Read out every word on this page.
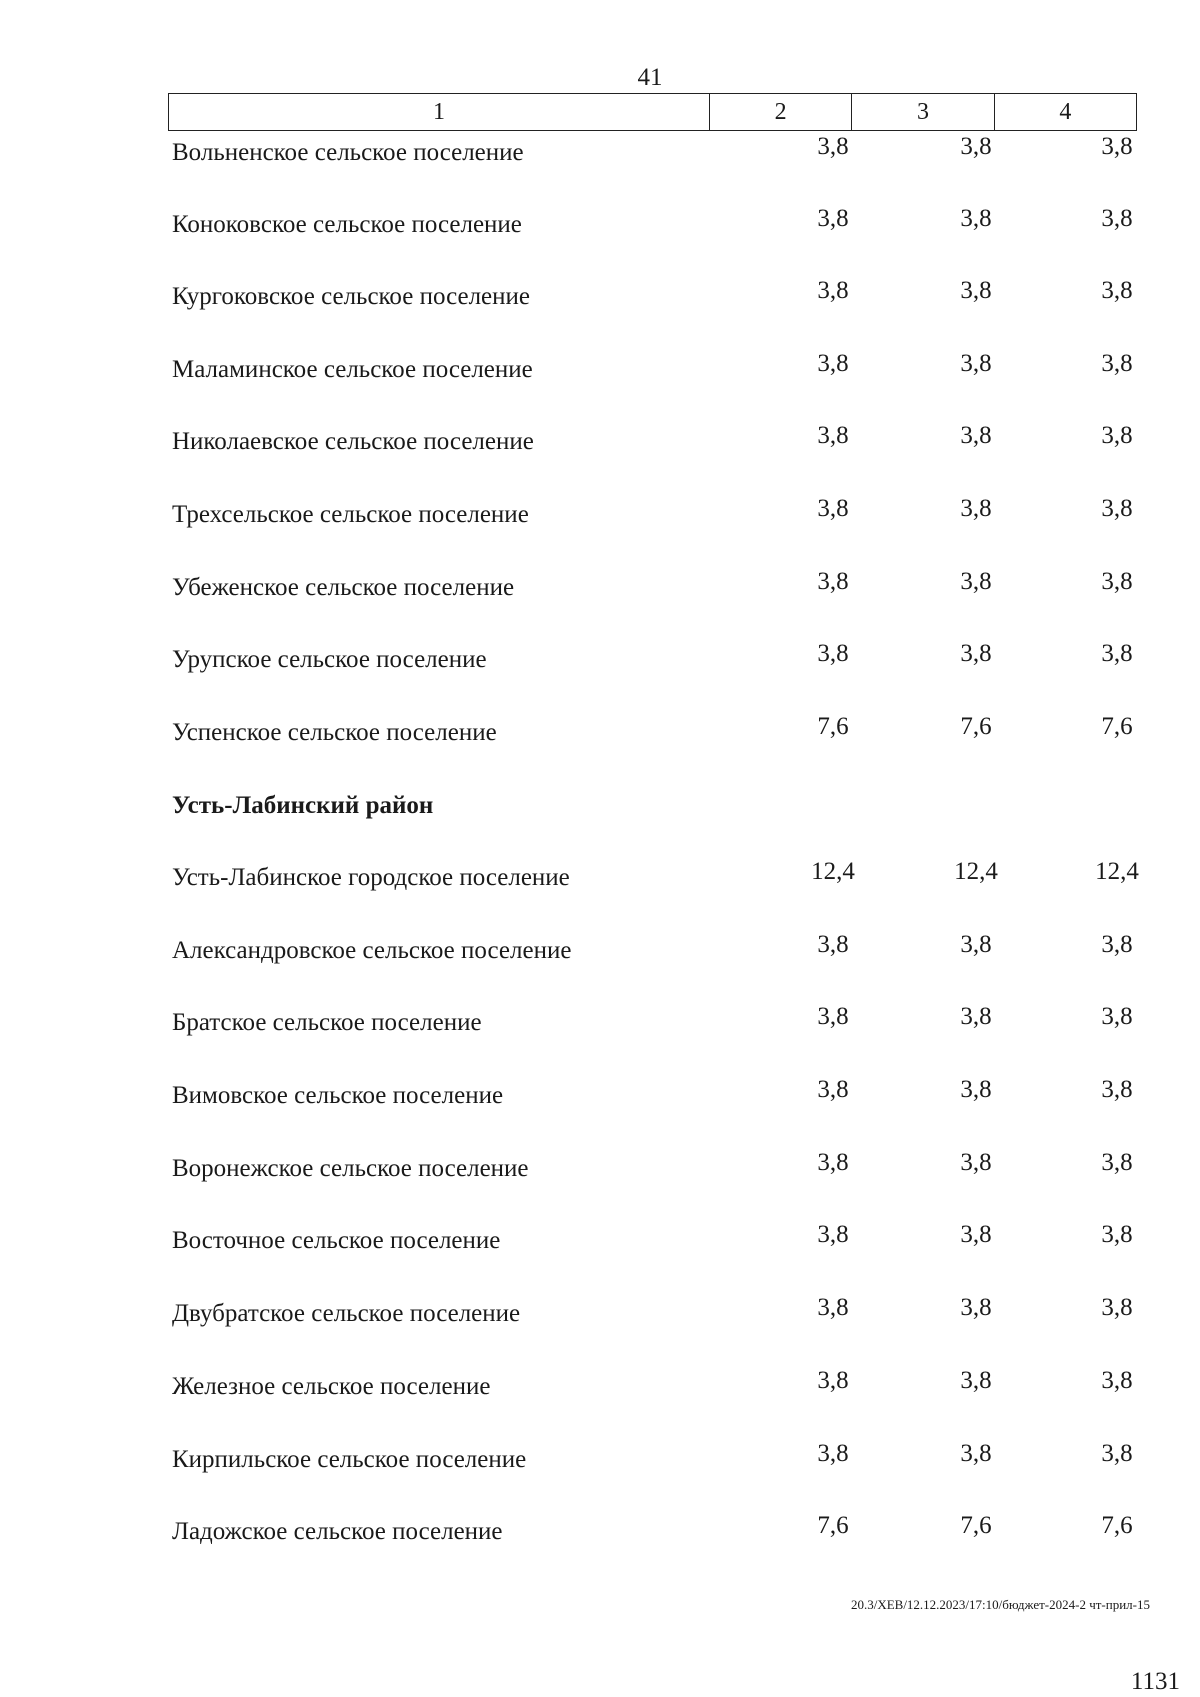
41
1	2	3	4
Вольненское сельское поселение	3,8	3,8	3,8
Коноковское сельское поселение	3,8	3,8	3,8
Кургоковское сельское поселение	3,8	3,8	3,8
Маламинское сельское поселение	3,8	3,8	3,8
Николаевское сельское поселение	3,8	3,8	3,8
Трехсельское сельское поселение	3,8	3,8	3,8
Убеженское сельское поселение	3,8	3,8	3,8
Урупское сельское поселение	3,8	3,8	3,8
Успенское сельское поселение	7,6	7,6	7,6
Усть-Лабинский район
Усть-Лабинское городское поселение	12,4	12,4	12,4
Александровское сельское поселение	3,8	3,8	3,8
Братское сельское поселение	3,8	3,8	3,8
Вимовское сельское поселение	3,8	3,8	3,8
Воронежское сельское поселение	3,8	3,8	3,8
Восточное сельское поселение	3,8	3,8	3,8
Двубратское сельское поселение	3,8	3,8	3,8
Железное сельское поселение	3,8	3,8	3,8
Кирпильское сельское поселение	3,8	3,8	3,8
Ладожское сельское поселение	7,6	7,6	7,6
20.3/ХЕВ/12.12.2023/17:10/бюджет-2024-2 чт-прил-15
1131
